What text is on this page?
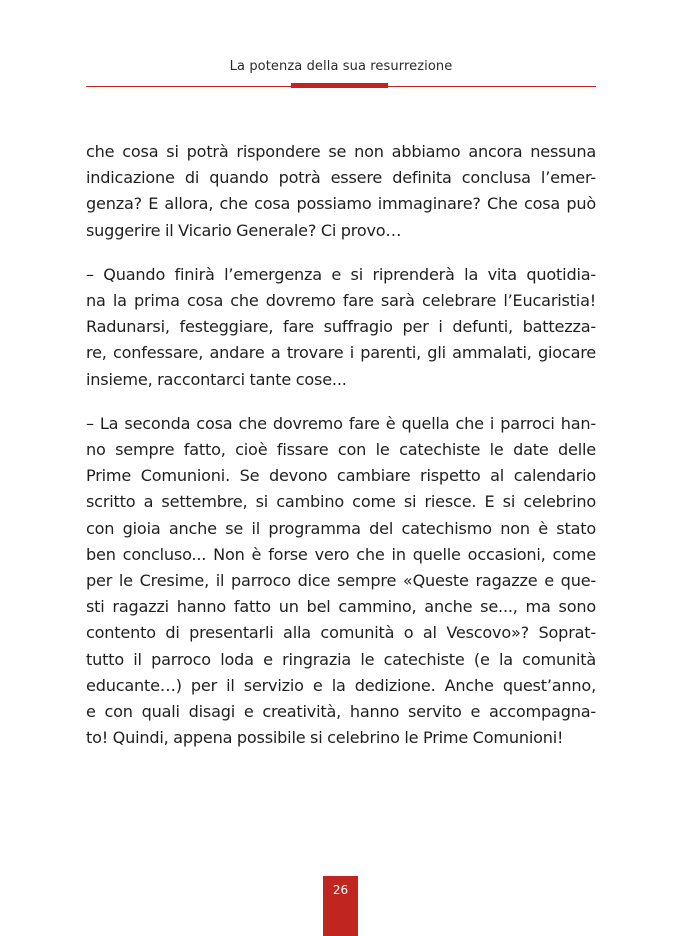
La potenza della sua resurrezione

che cosa si potrà rispondere se non abbiamo ancora nessuna
indicazione di quando potrà essere definita conclusa l’emer-
genza? E allora, che cosa possiamo immaginare? Che cosa può
suggerire il Vicario Generale? Ci provo…

– Quando finirà l’emergenza e si riprenderà la vita quotidia-
na la prima cosa che dovremo fare sarà celebrare l’Eucaristia!
Radunarsi, festeggiare, fare suffragio per i defunti, battezza-
re, confessare, andare a trovare i parenti, gli ammalati, giocare
insieme, raccontarci tante cose...

– La seconda cosa che dovremo fare è quella che i parroci han-
no sempre fatto, cioè fissare con le catechiste le date delle
Prime Comunioni. Se devono cambiare rispetto al calendario
scritto a settembre, si cambino come si riesce. E si celebrino
con gioia anche se il programma del catechismo non è stato
ben concluso... Non è forse vero che in quelle occasioni, come
per le Cresime, il parroco dice sempre «Queste ragazze e que-
sti ragazzi hanno fatto un bel cammino, anche se..., ma sono
contento di presentarli alla comunità o al Vescovo»? Soprat-
tutto il parroco loda e ringrazia le catechiste (e la comunità
educante…) per il servizio e la dedizione. Anche quest’anno,
e con quali disagi e creatività, hanno servito e accompagna-
to! Quindi, appena possibile si celebrino le Prime Comunioni!

26
